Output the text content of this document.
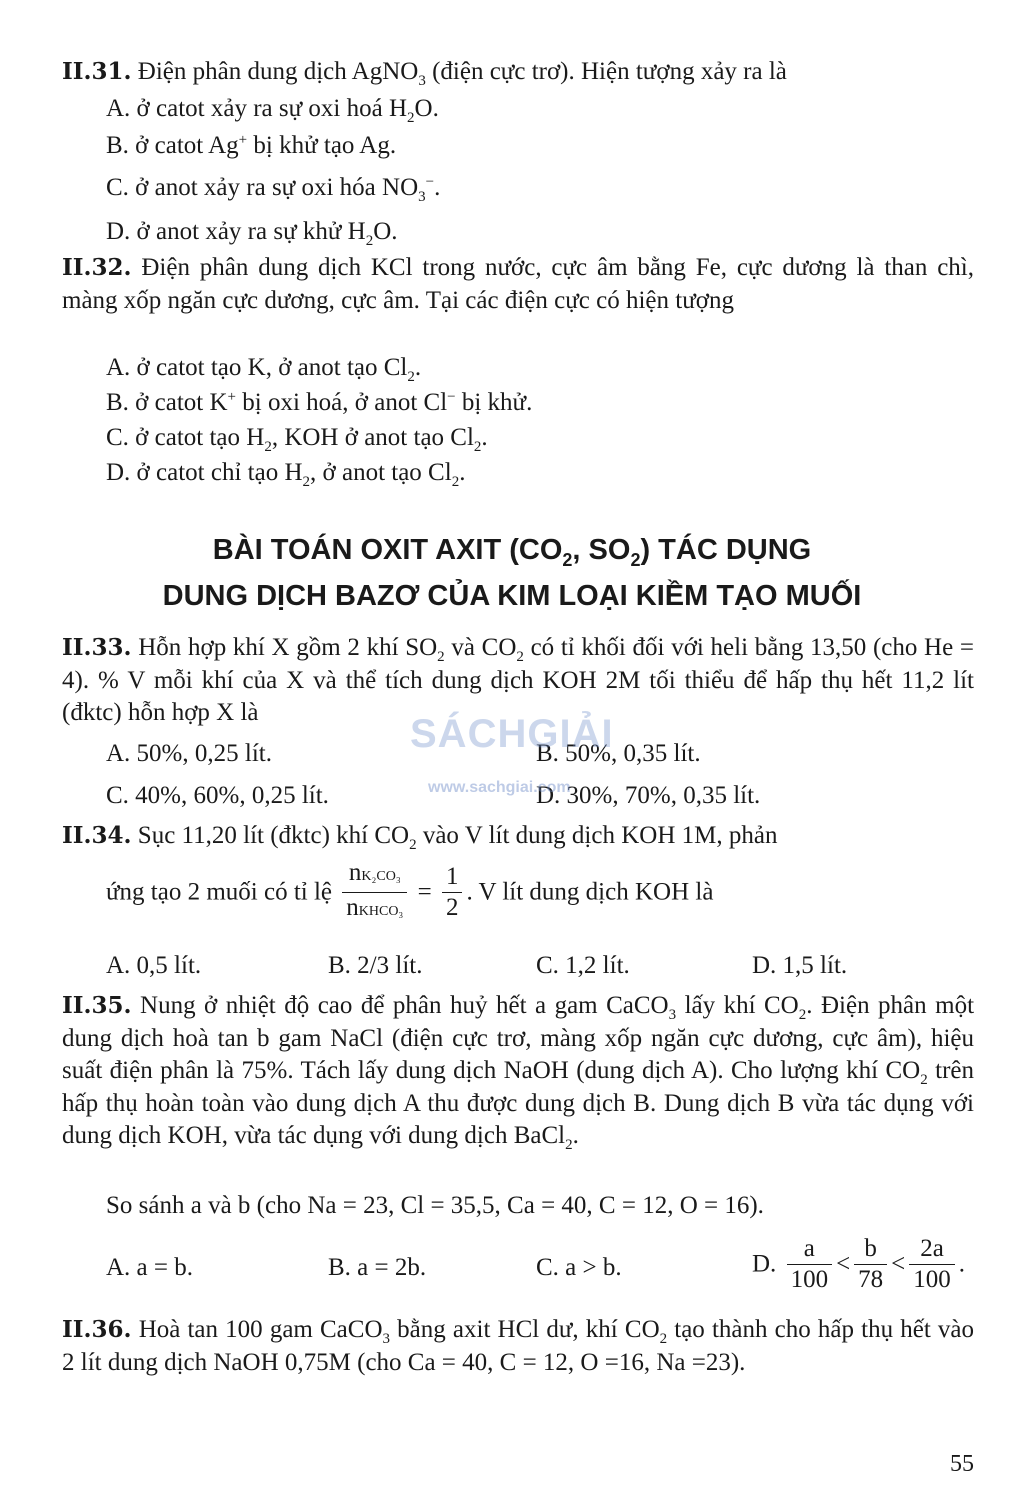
II.31. Điện phân dung dịch AgNO$_3$ (điện cực trơ). Hiện tượng xảy ra là
A. ở catot xảy ra sự oxi hoá $H_2O$.
B. ở catot Ag+ bị khử tạo Ag.
C. ở anot xảy ra sự oxi hóa $NO_3^-$.
D. ở anot xảy ra sự khử $H_2O$.
II.32. Điện phân dung dịch KCl trong nước, cực âm bằng Fe, cực dương là than chì, màng xốp ngăn cực dương, cực âm. Tại các điện cực có hiện tượng
A. ở catot tạo K, ở anot tạo $Cl_2$.
B. ở catot K+ bị oxi hoá, ở anot Cl− bị khử.
C. ở catot tạo $H_2$, KOH ở anot tạo $Cl_2$.
D. ở catot chỉ tạo $H_2$, ở anot tạo $Cl_2$.
BÀI TOÁN OXIT AXIT ($CO_2$, $SO_2$) TÁC DỤNG
DUNG DỊCH BAZƠ CỦA KIM LOẠI KIỀM TẠO MUỐI
II.33. Hỗn hợp khí X gồm 2 khí $SO_2$ và $CO_2$ có tỉ khối đối với heli bằng 13,50 (cho He = 4). % V mỗi khí của X và thể tích dung dịch KOH 2M tối thiểu để hấp thụ hết 11,2 lít (đktc) hỗn hợp X là
A. 50%, 0,25 lít.	B. 50%, 0,35 lít.
C. 40%, 60%, 0,25 lít.	D. 30%, 70%, 0,35 lít.
SÁCHGIẢI
www.sachgiai.com
II.34. Sục 11,20 lít (đktc) khí $CO_2$ vào V lít dung dịch KOH 1M, phản
ứng tạo 2 muối có tỉ lệ $\frac{\text{nK₂CO₃}}{\text{nKHCO₃}} = \frac{1}{2}$ . V lít dung dịch KOH là
A. 0,5 lít.	B. 2/3 lít.	C. 1,2 lít.	D. 1,5 lít.
II.35. Nung ở nhiệt độ cao để phân huỷ hết a gam CaCO$_3$ lấy khí $CO_2$. Điện phân một dung dịch hoà tan b gam NaCl (điện cực trơ, màng xốp ngăn cực dương, cực âm), hiệu suất điện phân là 75%. Tách lấy dung dịch NaOH (dung dịch A). Cho lượng khí $CO_2$ trên hấp thụ hoàn toàn vào dung dịch A thu được dung dịch B. Dung dịch B vừa tác dụng với dung dịch KOH, vừa tác dụng với dung dịch BaCl$_2$.
So sánh a và b (cho Na = 23, Cl = 35,5, Ca = 40, C = 12, O = 16).
A. a = b.	B. a = 2b.	C. a > b.	D. $\frac{a}{100} < \frac{b}{78} < \frac{2a}{100}$ .
II.36. Hoà tan 100 gam CaCO$_3$ bằng axit HCl dư, khí $CO_2$ tạo thành cho hấp thụ hết vào 2 lít dung dịch NaOH 0,75M (cho Ca = 40, C = 12, O =16, Na =23).
55
